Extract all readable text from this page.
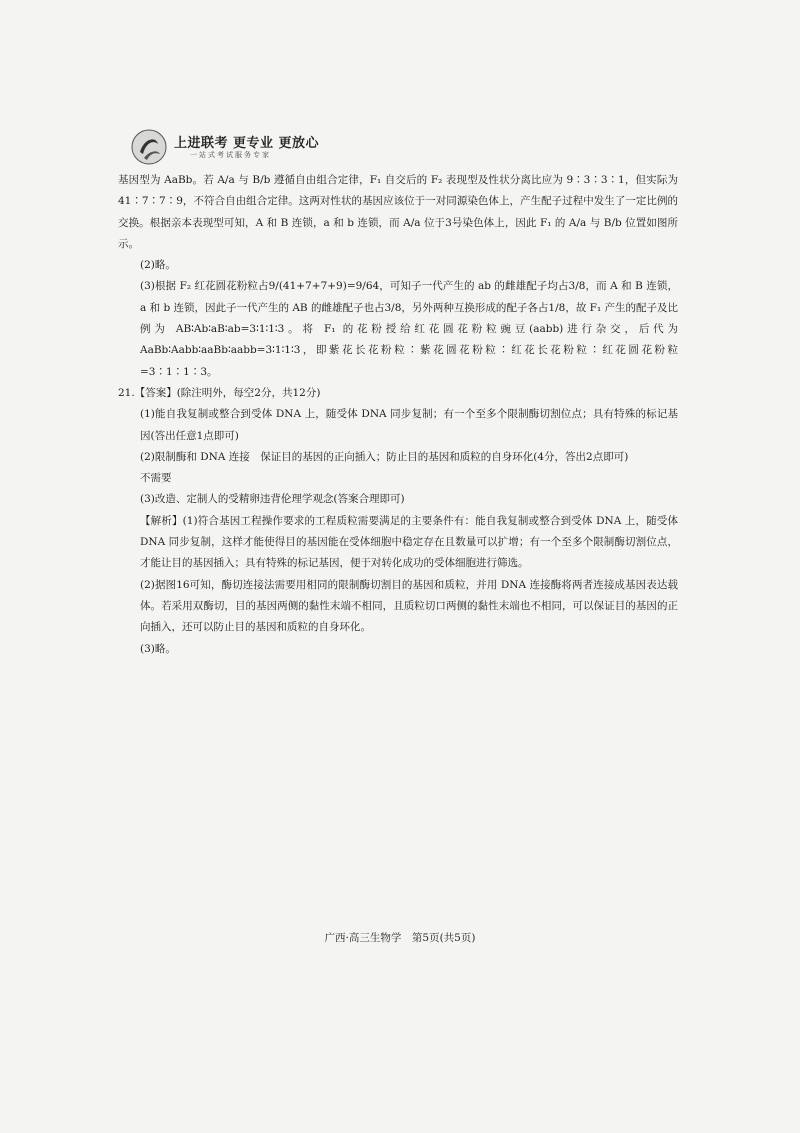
上进联考 更专业 更放心
一站式考试服务专家

基因型为 AaBb。若 A/a 与 B/b 遵循自由组合定律，F₁ 自交后的 F₂ 表现型及性状分离比应为 9∶3∶3∶1，但实际为 41∶7∶7∶9，不符合自由组合定律。这两对性状的基因应该位于一对同源染色体上，产生配子过程中发生了一定比例的交换。根据亲本表现型可知，A 和 B 连锁，a 和 b 连锁，而 A/a 位于3号染色体上，因此 F₁ 的 A/a 与 B/b 位置如图所示。

(2)略。

(3)根据 F₂ 红花圆花粉粒占9/(41+7+7+9)=9/64，可知子一代产生的 ab 的雌雄配子均占3/8，而 A 和 B 连锁，a 和 b 连锁，因此子一代产生的 AB 的雌雄配子也占3/8，另外两种互换形成的配子各占1/8，故 F₁ 产生的配子及比例为 AB∶Ab∶aB∶ab=3∶1∶1∶3。将 F₁ 的花粉授给红花圆花粉粒豌豆(aabb)进行杂交，后代为 AaBb∶Aabb∶aaBb∶aabb=3∶1∶1∶3，即紫花长花粉粒∶紫花圆花粉粒∶红花长花粉粒∶红花圆花粉粒=3∶1∶1∶3。

21.【答案】(除注明外，每空2分，共12分)

(1)能自我复制或整合到受体 DNA 上，随受体 DNA 同步复制；有一个至多个限制酶切割位点；具有特殊的标记基因(答出任意1点即可)

(2)限制酶和 DNA 连接　保证目的基因的正向插入；防止目的基因和质粒的自身环化(4分，答出2点即可)

不需要

(3)改造、定制人的受精卵违背伦理学观念(答案合理即可)

【解析】(1)符合基因工程操作要求的工程质粒需要满足的主要条件有：能自我复制或整合到受体 DNA 上，随受体 DNA 同步复制，这样才能使得目的基因能在受体细胞中稳定存在且数量可以扩增；有一个至多个限制酶切割位点，才能让目的基因插入；具有特殊的标记基因，便于对转化成功的受体细胞进行筛选。

(2)据图16可知，酶切连接法需要用相同的限制酶切割目的基因和质粒，并用 DNA 连接酶将两者连接成基因表达载体。若采用双酶切，目的基因两侧的黏性末端不相同，且质粒切口两侧的黏性末端也不相同，可以保证目的基因的正向插入，还可以防止目的基因和质粒的自身环化。

(3)略。

广西·高三生物学　第5页(共5页)
